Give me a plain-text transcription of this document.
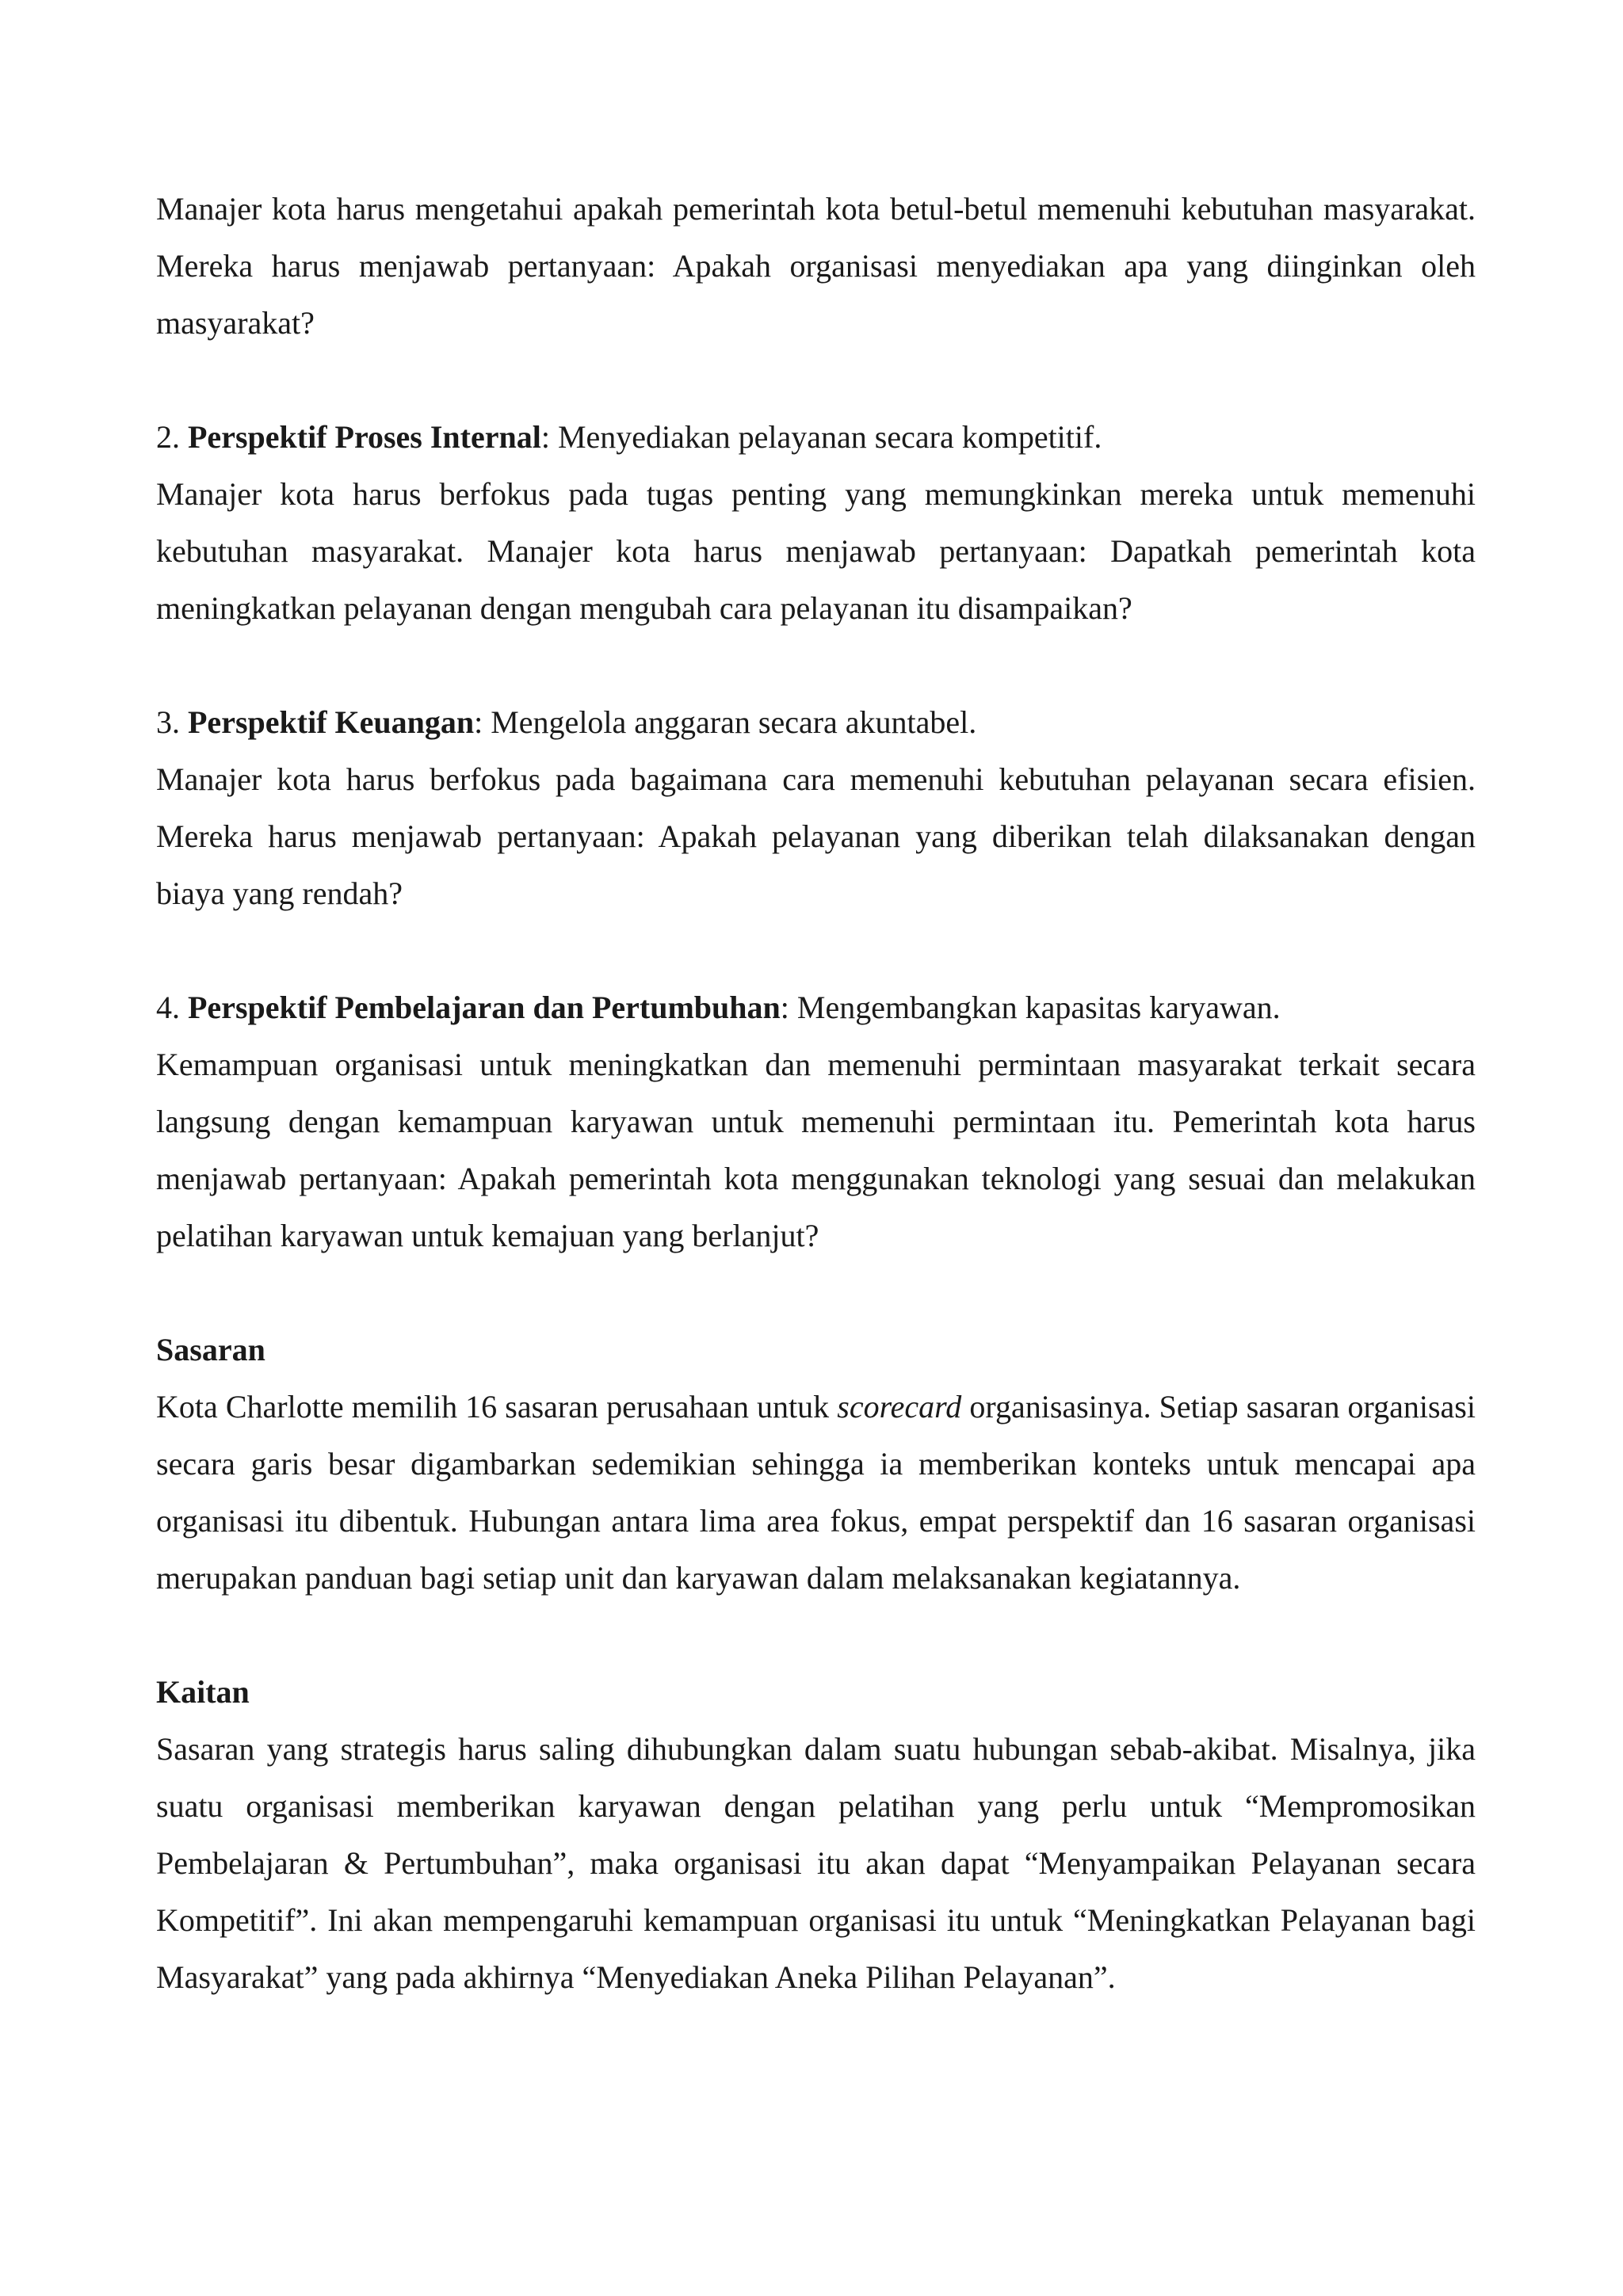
Manajer kota harus mengetahui apakah pemerintah kota betul-betul memenuhi kebutuhan masyarakat. Mereka harus menjawab pertanyaan: Apakah organisasi menyediakan apa yang diinginkan oleh masyarakat?

2. Perspektif Proses Internal: Menyediakan pelayanan secara kompetitif.
Manajer kota harus berfokus pada tugas penting yang memungkinkan mereka untuk memenuhi kebutuhan masyarakat. Manajer kota harus menjawab pertanyaan: Dapatkah pemerintah kota meningkatkan pelayanan dengan mengubah cara pelayanan itu disampaikan?

3. Perspektif Keuangan: Mengelola anggaran secara akuntabel.
Manajer kota harus berfokus pada bagaimana cara memenuhi kebutuhan pelayanan secara efisien. Mereka harus menjawab pertanyaan: Apakah pelayanan yang diberikan telah dilaksanakan dengan biaya yang rendah?

4. Perspektif Pembelajaran dan Pertumbuhan: Mengembangkan kapasitas karyawan.
Kemampuan organisasi untuk meningkatkan dan memenuhi permintaan masyarakat terkait secara langsung dengan kemampuan karyawan untuk memenuhi permintaan itu. Pemerintah kota harus menjawab pertanyaan: Apakah pemerintah kota menggunakan teknologi yang sesuai dan melakukan pelatihan karyawan untuk kemajuan yang berlanjut?

Sasaran
Kota Charlotte memilih 16 sasaran perusahaan untuk scorecard organisasinya. Setiap sasaran organisasi secara garis besar digambarkan sedemikian sehingga ia memberikan konteks untuk mencapai apa organisasi itu dibentuk. Hubungan antara lima area fokus, empat perspektif dan 16 sasaran organisasi merupakan panduan bagi setiap unit dan karyawan dalam melaksanakan kegiatannya.

Kaitan
Sasaran yang strategis harus saling dihubungkan dalam suatu hubungan sebab-akibat. Misalnya, jika suatu organisasi memberikan karyawan dengan pelatihan yang perlu untuk “Mempromosikan Pembelajaran & Pertumbuhan”, maka organisasi itu akan dapat “Menyampaikan Pelayanan secara Kompetitif”. Ini akan mempengaruhi kemampuan organisasi itu untuk “Meningkatkan Pelayanan bagi Masyarakat” yang pada akhirnya “Menyediakan Aneka Pilihan Pelayanan”.
